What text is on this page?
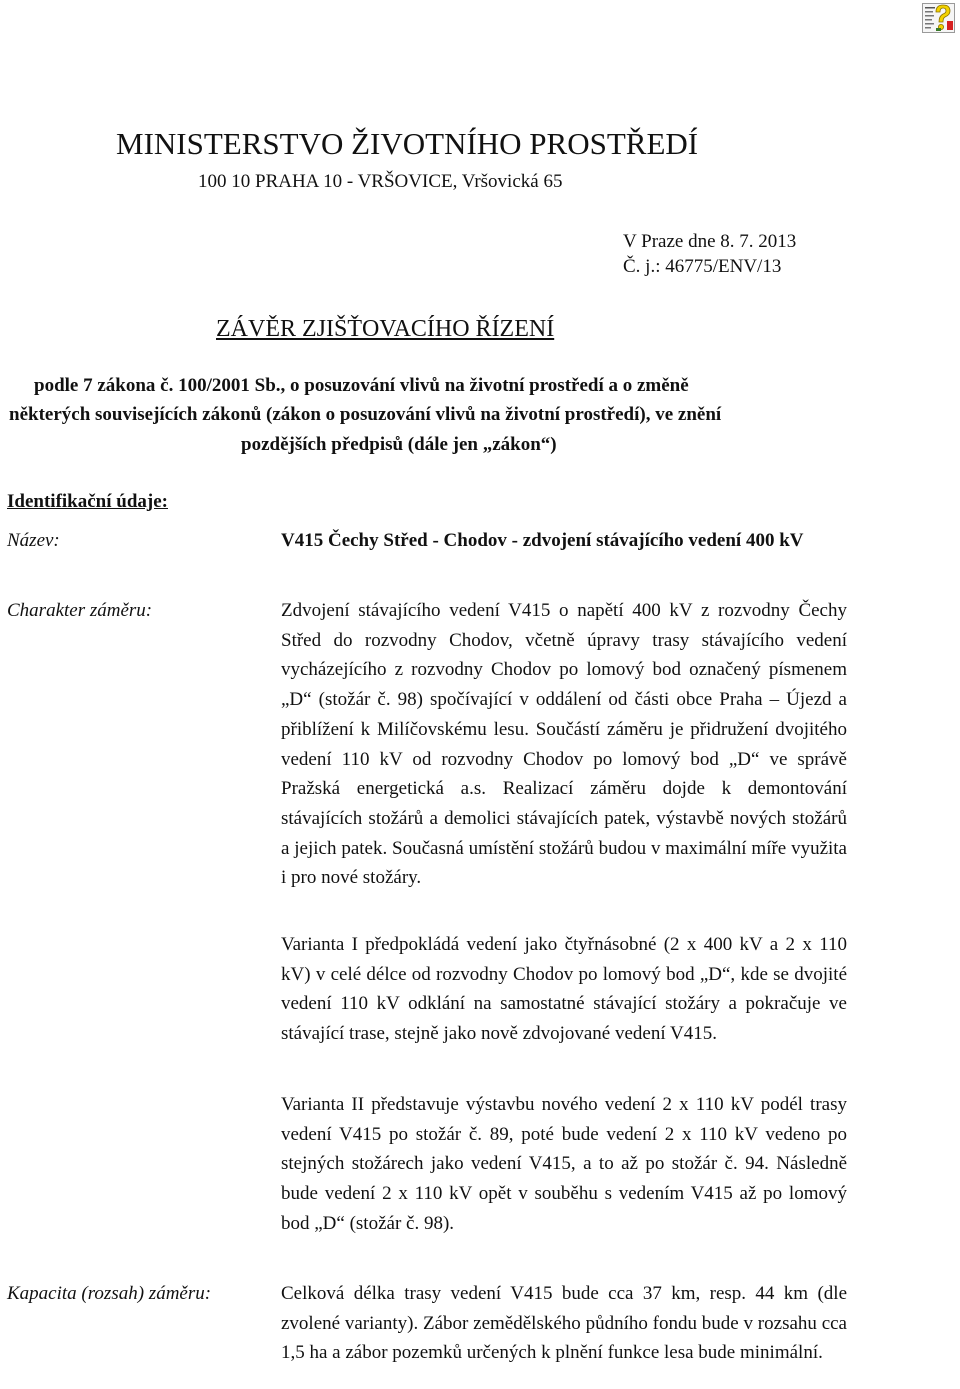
MINISTERSTVO ŽIVOTNÍHO PROSTŘEDÍ
100 10 PRAHA 10 - VRŠOVICE, Vršovická 65
V Praze dne 8. 7. 2013
Č. j.: 46775/ENV/13
ZÁVĚR ZJIŠŤOVACÍHO ŘÍZENÍ
podle 7 zákona č. 100/2001 Sb., o posuzování vlivů na životní prostředí a o změně
některých souvisejících zákonů (zákon o posuzování vlivů na životní prostředí), ve znění
pozdějších předpisů (dále jen „zákon“)
Identifikační údaje:
Název:	V415 Čechy Střed - Chodov - zdvojení stávajícího vedení 400 kV
Charakter záměru:	Zdvojení stávajícího vedení V415 o napětí 400 kV z rozvodny Čechy Střed do rozvodny Chodov, včetně úpravy trasy stávajícího vedení vycházejícího z rozvodny Chodov po lomový bod označený písmenem „D“ (stožár č. 98) spočívající v oddálení od části obce Praha – Újezd a přiblížení k Milíčovskému lesu. Součástí záměru je přidružení dvojitého vedení 110 kV od rozvodny Chodov po lomový bod „D“ ve správě Pražská energetická a.s. Realizací záměru dojde k demontování stávajících stožárů a demolici stávajících patek, výstavbě nových stožárů a jejich patek. Současná umístění stožárů budou v maximální míře využita i pro nové stožáry.
Varianta I předpokládá vedení jako čtyřnásobné (2 x 400 kV a 2 x 110 kV) v celé délce od rozvodny Chodov po lomový bod „D“, kde se dvojité vedení 110 kV odklání na samostatné stávající stožáry a pokračuje ve stávající trase, stejně jako nově zdvojované vedení V415.
Varianta II představuje výstavbu nového vedení 2 x 110 kV podél trasy vedení V415 po stožár č. 89, poté bude vedení 2 x 110 kV vedeno po stejných stožárech jako vedení V415, a to až po stožár č. 94. Následně bude vedení 2 x 110 kV opět v souběhu s vedením V415 až po lomový bod „D“ (stožár č. 98).
Kapacita (rozsah) záměru:	Celková délka trasy vedení V415 bude cca 37 km, resp. 44 km (dle zvolené varianty). Zábor zemědělského půdního fondu bude v rozsahu cca 1,5 ha a zábor pozemků určených k plnění funkce lesa bude minimální.
